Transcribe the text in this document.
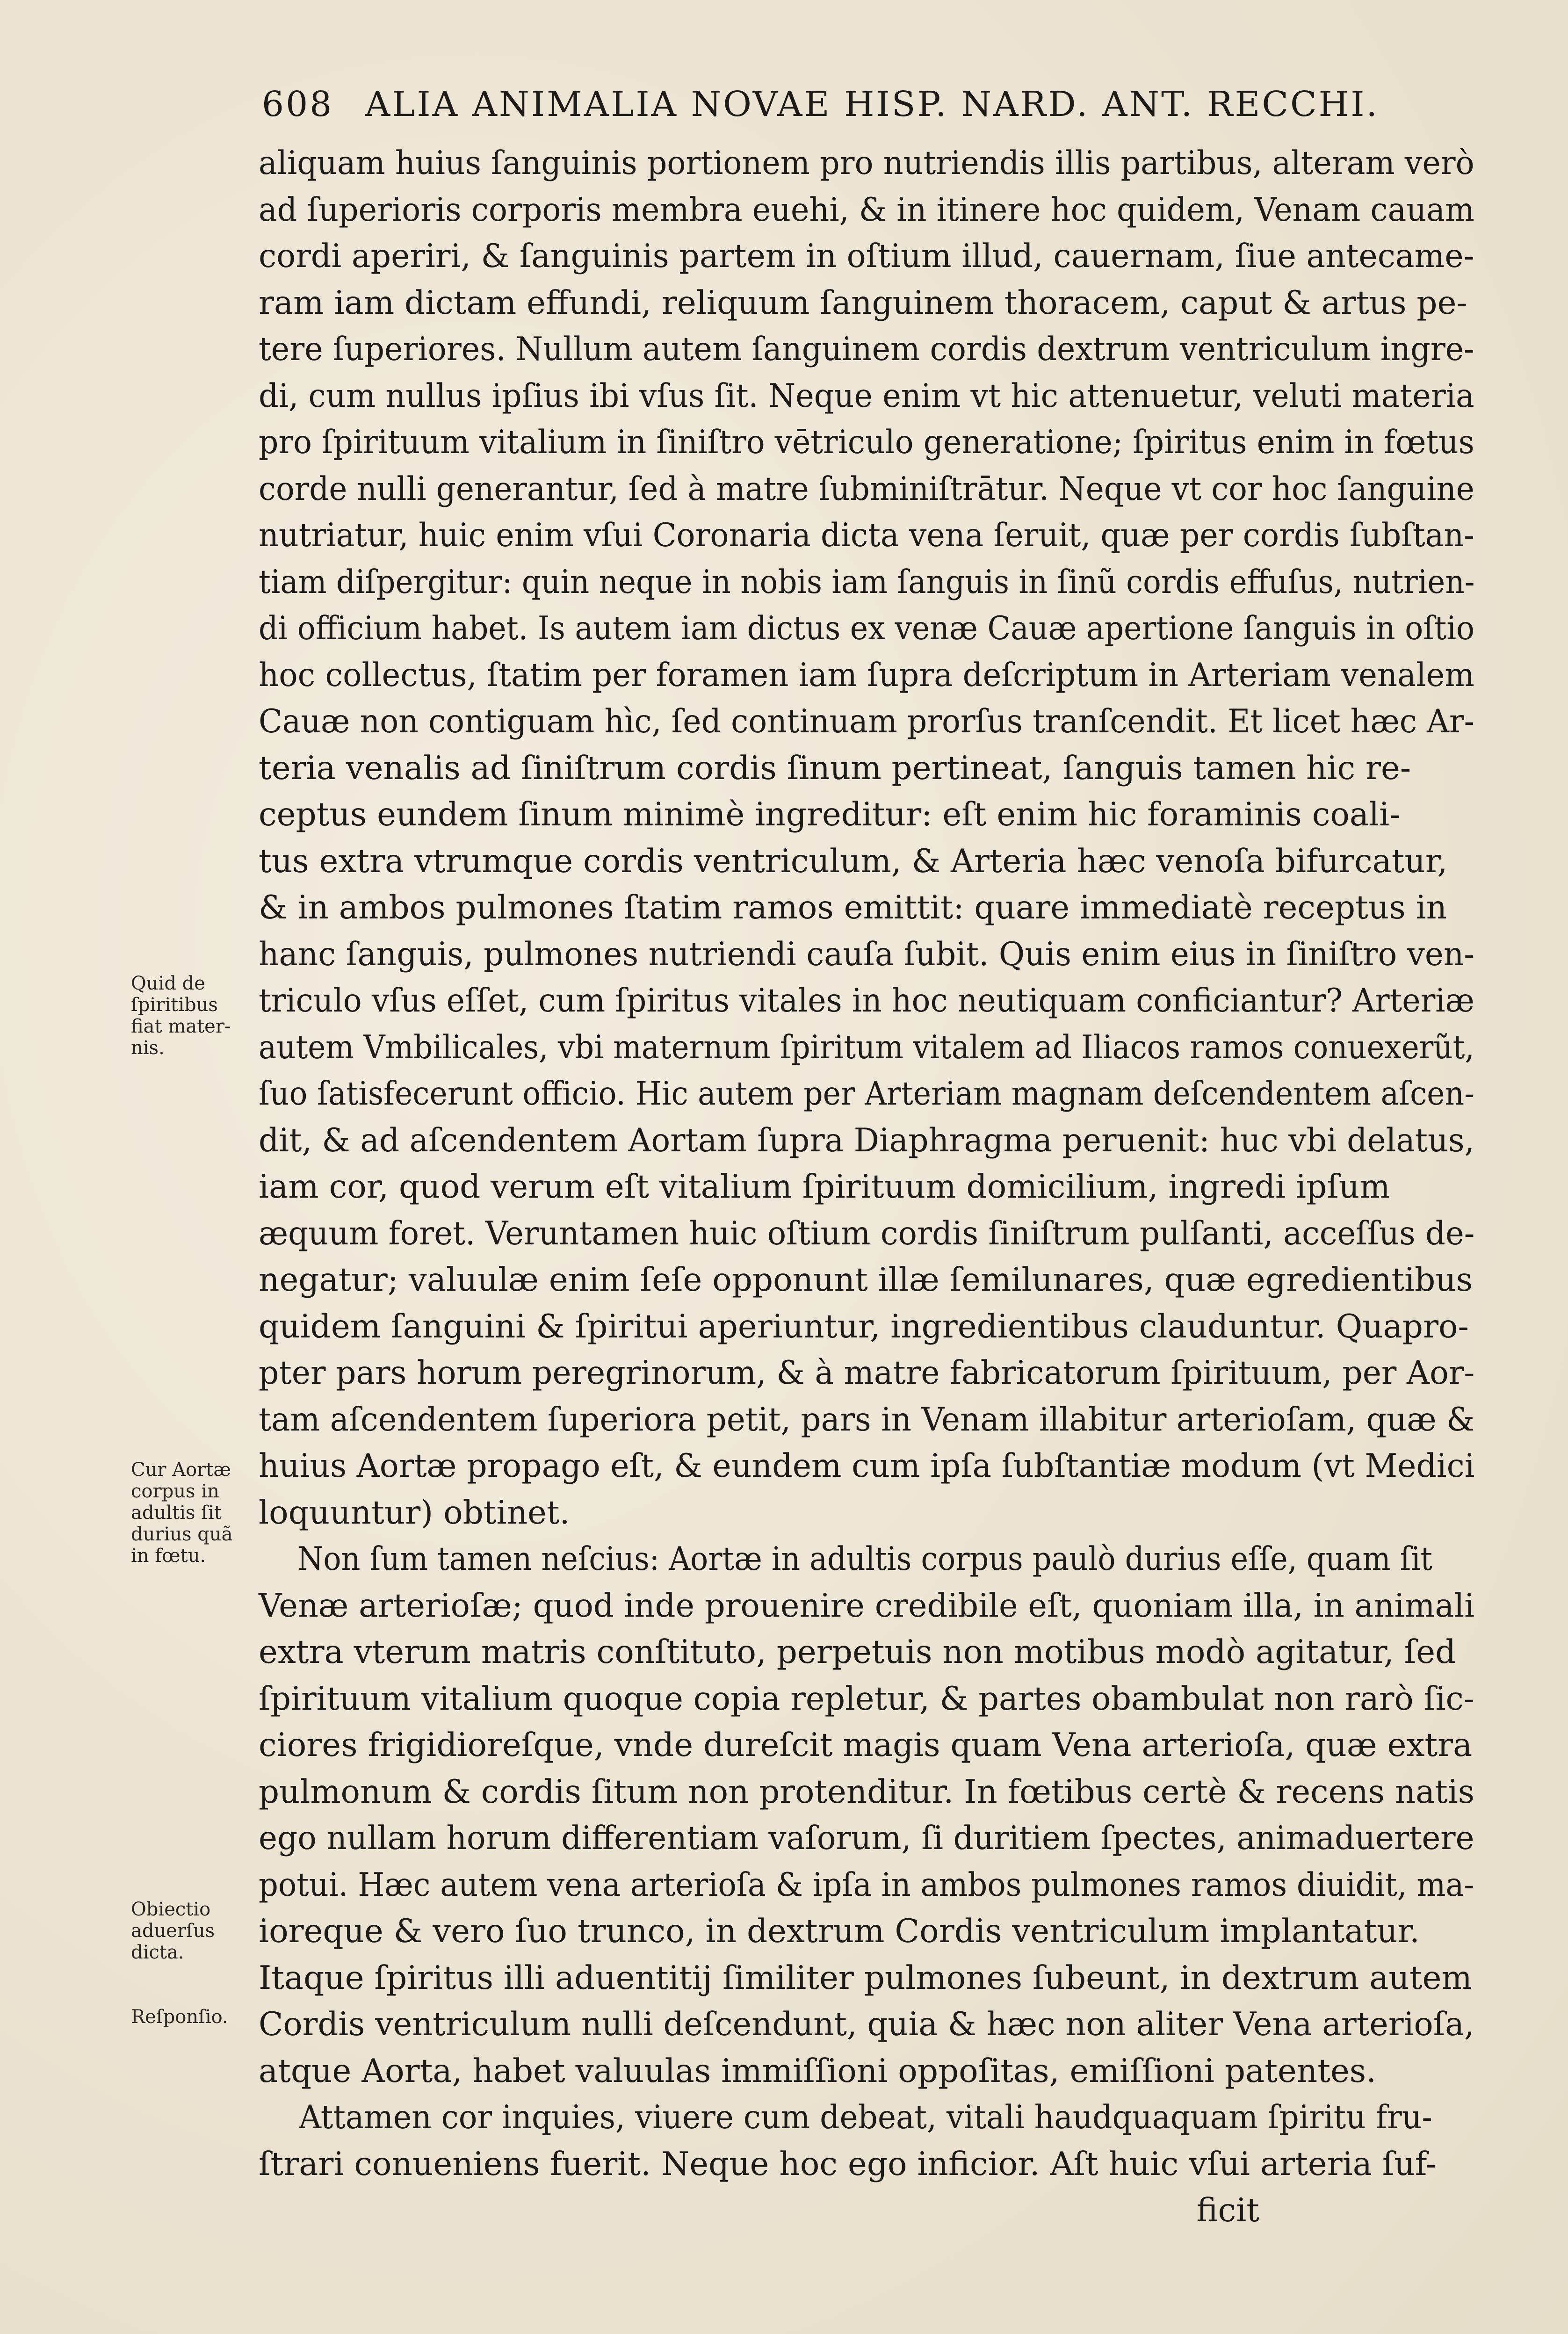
608 ALIA ANIMALIA NOVAE HISP. NARD. ANT. RECCHI.
aliquam huius ſanguinis portionem pro nutriendis illis partibus, alteram verò
ad ſuperioris corporis membra euehi, & in itinere hoc quidem, Venam cauam
cordi aperiri, & ſanguinis partem in oſtium illud, cauernam, ſiue antecame-
ram iam dictam effundi, reliquum ſanguinem thoracem, caput & artus pe-
tere ſuperiores. Nullum autem ſanguinem cordis dextrum ventriculum ingre-
di, cum nullus ipſius ibi vſus ſit. Neque enim vt hic attenuetur, veluti materia
pro ſpirituum vitalium in ſiniſtro vētriculo generatione; ſpiritus enim in fœtus
corde nulli generantur, ſed à matre ſubminiſtrātur. Neque vt cor hoc ſanguine
nutriatur, huic enim vſui Coronaria dicta vena ſeruit, quæ per cordis ſubſtan-
tiam diſpergitur: quin neque in nobis iam ſanguis in ſinũ cordis effuſus, nutrien-
di officium habet. Is autem iam dictus ex venæ Cauæ apertione ſanguis in oſtio
hoc collectus, ſtatim per foramen iam ſupra deſcriptum in Arteriam venalem
Cauæ non contiguam hìc, ſed continuam prorſus tranſcendit. Et licet hæc Ar-
teria venalis ad ſiniſtrum cordis ſinum pertineat, ſanguis tamen hic re-
ceptus eundem ſinum minimè ingreditur: eſt enim hic foraminis coali-
tus extra vtrumque cordis ventriculum, & Arteria hæc venoſa bifurcatur,
& in ambos pulmones ſtatim ramos emittit: quare immediatè receptus in
hanc ſanguis, pulmones nutriendi cauſa ſubit. Quis enim eius in ſiniſtro ven-
triculo vſus eſſet, cum ſpiritus vitales in hoc neutiquam conficiantur? Arteriæ
autem Vmbilicales, vbi maternum ſpiritum vitalem ad Iliacos ramos conuexerũt,
ſuo ſatisfecerunt officio. Hic autem per Arteriam magnam deſcendentem aſcen-
dit, & ad aſcendentem Aortam ſupra Diaphragma peruenit: huc vbi delatus,
iam cor, quod verum eſt vitalium ſpirituum domicilium, ingredi ipſum
æquum foret. Veruntamen huic oſtium cordis ſiniſtrum pulſanti, acceſſus de-
negatur; valuulæ enim ſeſe opponunt illæ ſemilunares, quæ egredientibus
quidem ſanguini & ſpiritui aperiuntur, ingredientibus clauduntur. Quapro-
pter pars horum peregrinorum, & à matre fabricatorum ſpirituum, per Aor-
tam aſcendentem ſuperiora petit, pars in Venam illabitur arterioſam, quæ &
huius Aortæ propago eſt, & eundem cum ipſa ſubſtantiæ modum (vt Medici
loquuntur) obtinet.
Non ſum tamen neſcius: Aortæ in adultis corpus paulò durius eſſe, quam ſit
Venæ arterioſæ; quod inde prouenire credibile eſt, quoniam illa, in animali
extra vterum matris conſtituto, perpetuis non motibus modò agitatur, ſed
ſpirituum vitalium quoque copia repletur, & partes obambulat non rarò ſic-
ciores frigidioreſque, vnde dureſcit magis quam Vena arterioſa, quæ extra
pulmonum & cordis ſitum non protenditur. In fœtibus certè & recens natis
ego nullam horum differentiam vaſorum, ſi duritiem ſpectes, animaduertere
potui. Hæc autem vena arterioſa & ipſa in ambos pulmones ramos diuidit, ma-
ioreque & vero ſuo trunco, in dextrum Cordis ventriculum implantatur.
Itaque ſpiritus illi aduentitij ſimiliter pulmones ſubeunt, in dextrum autem
Cordis ventriculum nulli deſcendunt, quia & hæc non aliter Vena arterioſa,
atque Aorta, habet valuulas immiſſioni oppoſitas, emiſſioni patentes.
Attamen cor inquies, viuere cum debeat, vitali haudquaquam ſpiritu fru-
ſtrari conueniens fuerit. Neque hoc ego inficior. Aſt huic vſui arteria ſuf-
ficit
Quid de
ſpiritibus
fiat mater-
nis.
Cur Aortæ
corpus in
adultis ſit
durius quã
in fœtu.
Obiectio
aduerſus
dicta.
Reſponſio.
